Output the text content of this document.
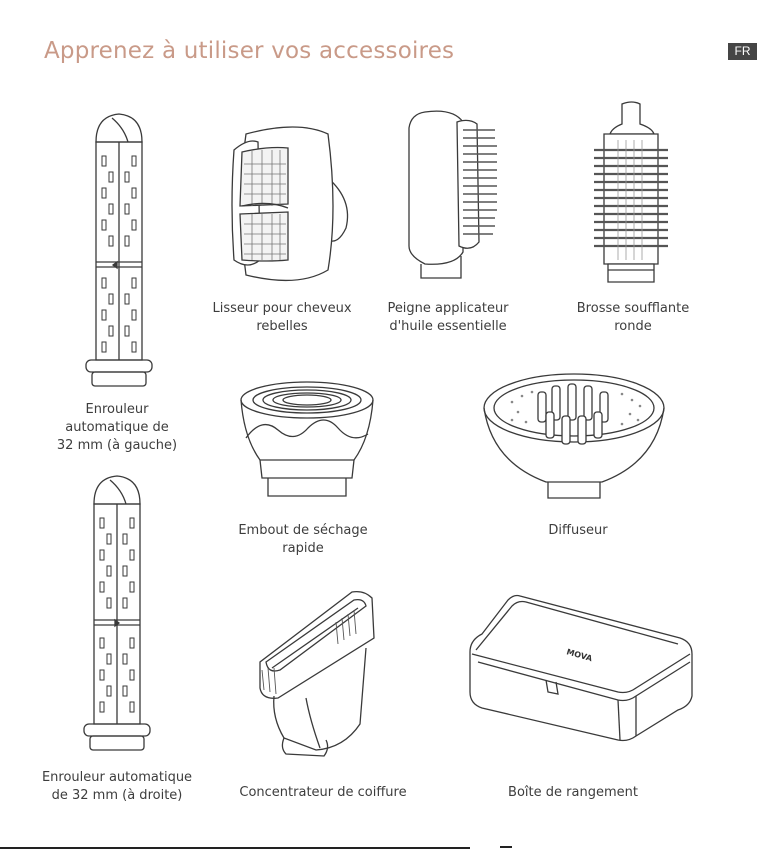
Apprenez à utiliser vos accessoires	FR
Enrouleur
automatique de
32 mm (à gauche)
Lisseur pour cheveux
rebelles
Peigne applicateur
d'huile essentielle
Brosse soufflante
ronde
Embout de séchage
rapide
Diffuseur
Enrouleur automatique
de 32 mm (à droite)	Concentrateur de coiffure
MOVA
Boîte de rangement
